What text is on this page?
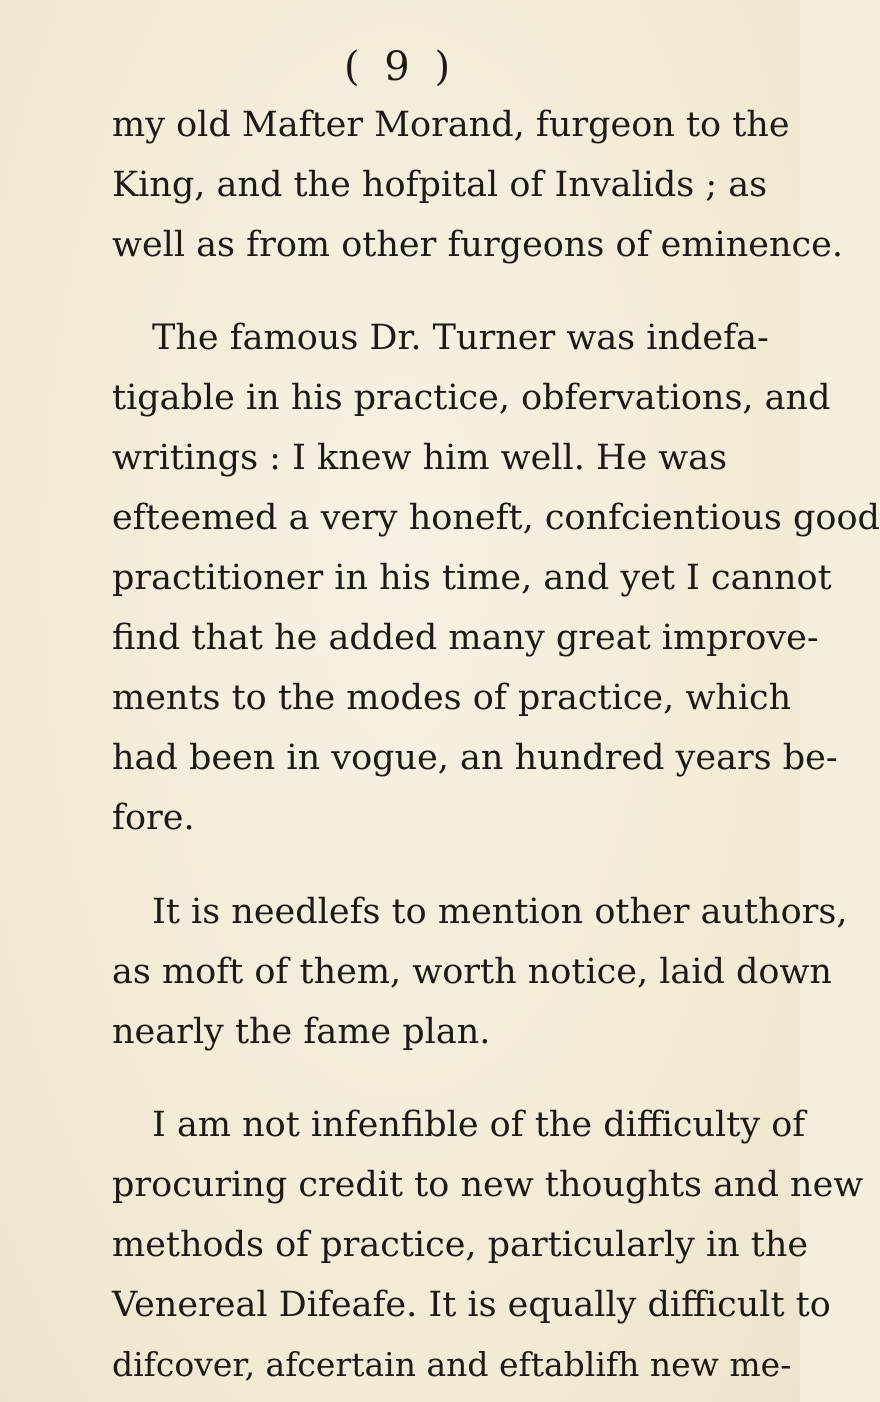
( 9 )
my old Mafter Morand, furgeon to the
King, and the hofpital of Invalids ; as
well as from other furgeons of eminence.
The famous Dr. Turner was indefa-
tigable in his practice, obfervations, and
writings : I knew him well. He was
efteemed a very honeft, confcientious good
practitioner in his time, and yet I cannot
find that he added many great improve-
ments to the modes of practice, which
had been in vogue, an hundred years be-
fore.
It is needlefs to mention other authors,
as moft of them, worth notice, laid down
nearly the fame plan.
I am not infenfible of the difficulty of
procuring credit to new thoughts and new
methods of practice, particularly in the
Venereal Difeafe. It is equally difficult to
difcover, afcertain and eftablifh new me-
